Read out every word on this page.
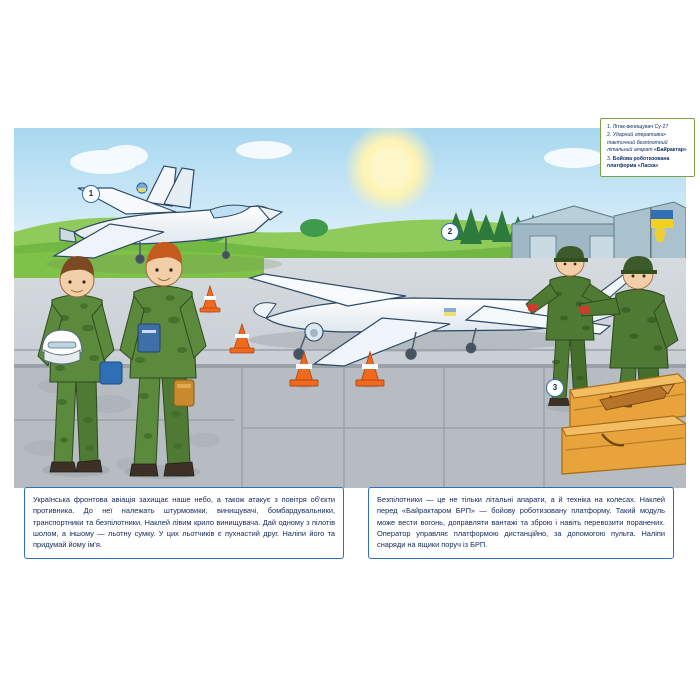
1
2
3
1. Літак-винищувач Су-27
2. Ударний оперативно-тактичний безпілотний літальний апарат «Байрактар»
3. Бойова роботизована платформа «Ласка»
Українська фронтова авіація захищає наше небо, а також атакує з повітря об'єкти противника. До неї належать штурмовики, винищувачі, бомбардувальники, транспортники та безпілотники. Наклей лівим крило винищувача. Дай одному з пілотів шолом, а іншому — льотну сумку. У цих льотчиків є пухнастий друг. Наліпи його та придумай йому ім'я.
Безпілотники — це не тільки літальні апарати, а й техніка на колесах. Наклей перед «Байрактаром БРП» — бойову роботизовану платформу. Такий модуль може вести вогонь, доправляти вантажі та зброю і навіть перевозити поранених. Оператор управляє платформою дистанційно, за допомогою пульта. Наліпи снаряди на ящики поруч із БРП.
